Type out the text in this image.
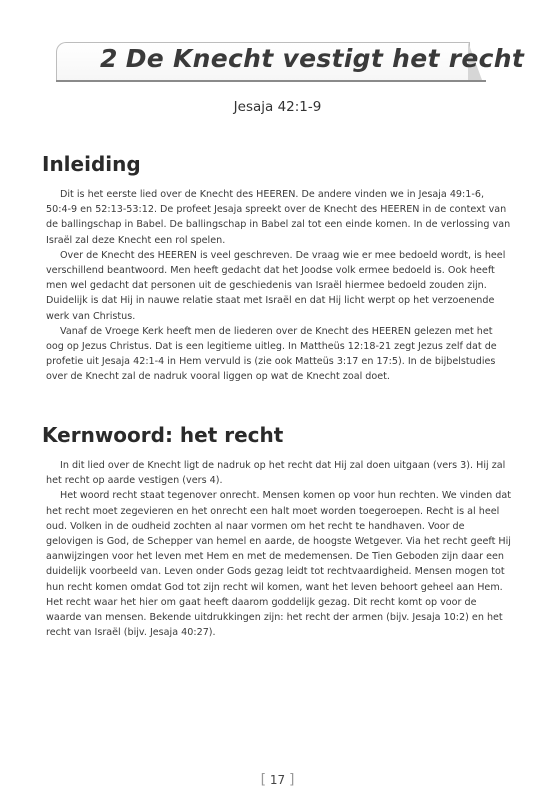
2 De Knecht vestigt het recht
Jesaja 42:1-9
Inleiding

Dit is het eerste lied over de Knecht des HEEREN. De andere vinden we in Jesaja 49:1-6, 50:4-9 en 52:13-53:12. De profeet Jesaja spreekt over de Knecht des HEEREN in de context van de ballingschap in Babel. De ballingschap in Babel zal tot een einde komen. In de verlossing van Israël zal deze Knecht een rol spelen.

Over de Knecht des HEEREN is veel geschreven. De vraag wie er mee bedoeld wordt, is heel verschillend beantwoord. Men heeft gedacht dat het Joodse volk ermee bedoeld is. Ook heeft men wel gedacht dat personen uit de geschiedenis van Israël hiermee bedoeld zouden zijn. Duidelijk is dat Hij in nauwe relatie staat met Israël en dat Hij licht werpt op het verzoenende werk van Christus.

Vanaf de Vroege Kerk heeft men de liederen over de Knecht des HEEREN gelezen met het oog op Jezus Christus. Dat is een legitieme uitleg. In Mattheüs 12:18-21 zegt Jezus zelf dat de profetie uit Jesaja 42:1-4 in Hem vervuld is (zie ook Matteüs 3:17 en 17:5). In de bijbelstudies over de Knecht zal de nadruk vooral liggen op wat de Knecht zoal doet.

Kernwoord: het recht

In dit lied over de Knecht ligt de nadruk op het recht dat Hij zal doen uitgaan (vers 3). Hij zal het recht op aarde vestigen (vers 4).

Het woord recht staat tegenover onrecht. Mensen komen op voor hun rechten. We vinden dat het recht moet zegevieren en het onrecht een halt moet worden toegeroepen. Recht is al heel oud. Volken in de oudheid zochten al naar vormen om het recht te handhaven. Voor de gelovigen is God, de Schepper van hemel en aarde, de hoogste Wetgever. Via het recht geeft Hij aanwijzingen voor het leven met Hem en met de medemensen. De Tien Geboden zijn daar een duidelijk voorbeeld van. Leven onder Gods gezag leidt tot rechtvaardigheid. Mensen mogen tot hun recht komen omdat God tot zijn recht wil komen, want het leven behoort geheel aan Hem. Het recht waar het hier om gaat heeft daarom goddelijk gezag. Dit recht komt op voor de waarde van mensen. Bekende uitdrukkingen zijn: het recht der armen (bijv. Jesaja 10:2) en het recht van Israël (bijv. Jesaja 40:27).

[ 17 ]
